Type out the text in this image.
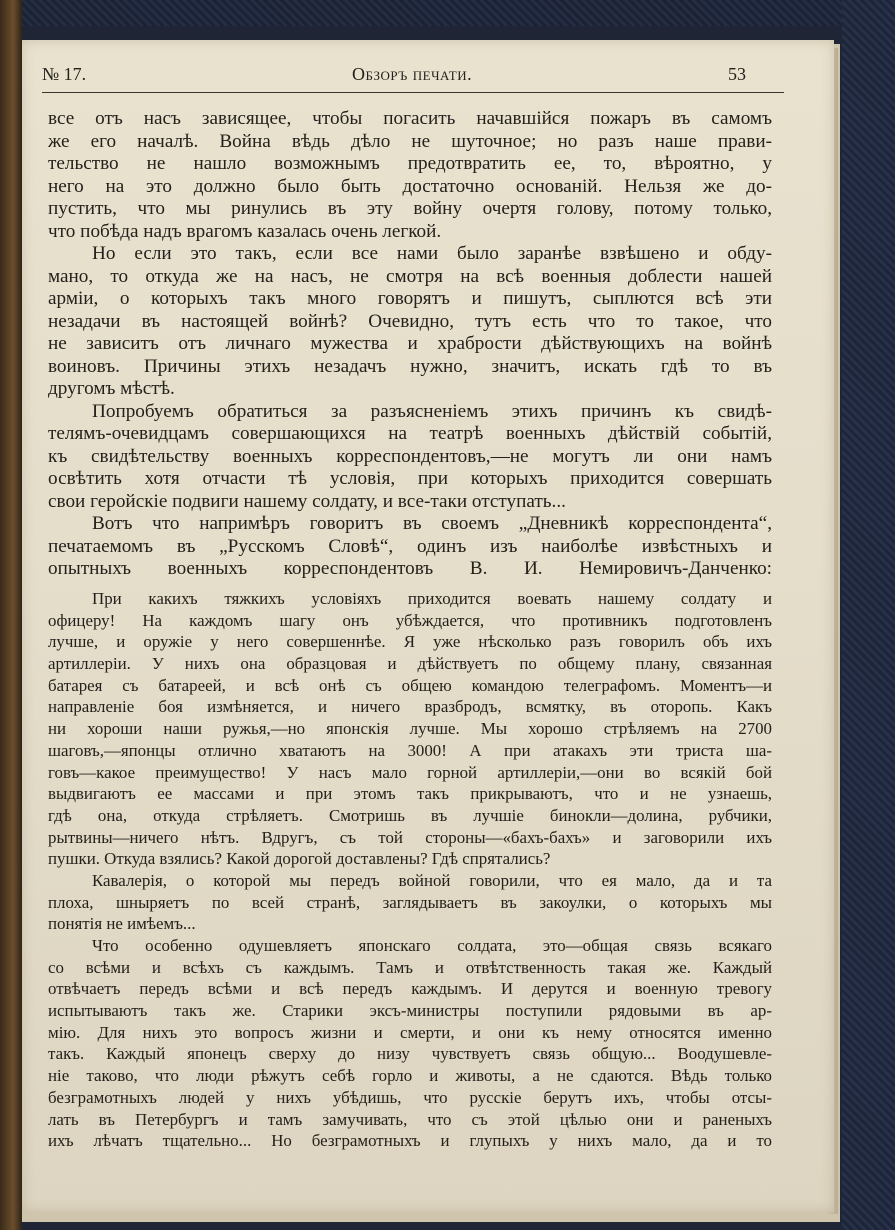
№ 17.	Обзоръ печати.	53
все отъ насъ зависящее, чтобы погасить начавшійся пожаръ въ самомъ
же его началѣ. Война вѣдь дѣло не шуточное; но разъ наше прави-
тельство не нашло возможнымъ предотвратить ее, то, вѣроятно, у
него на это должно было быть достаточно основаній. Нельзя же до-
пустить, что мы ринулись въ эту войну очертя голову, потому только,
что побѣда надъ врагомъ казалась очень легкой.
Но если это такъ, если все нами было заранѣе взвѣшено и обду-
мано, то откуда же на насъ, не смотря на всѣ военныя доблести нашей
арміи, о которыхъ такъ много говорятъ и пишутъ, сыплются всѣ эти
незадачи въ настоящей войнѣ? Очевидно, тутъ есть что то такое, что
не зависитъ отъ личнаго мужества и храбрости дѣйствующихъ на войнѣ
воиновъ. Причины этихъ незадачъ нужно, значитъ, искать гдѣ то въ
другомъ мѣстѣ.
Попробуемъ обратиться за разъясненіемъ этихъ причинъ къ свидѣ-
телямъ-очевидцамъ совершающихся на театрѣ военныхъ дѣйствій событій,
къ свидѣтельству военныхъ корреспондентовъ,—не могутъ ли они намъ
освѣтить хотя отчасти тѣ условія, при которыхъ приходится совершать
свои геройскіе подвиги нашему солдату, и все-таки отступать...
Вотъ что напримѣръ говоритъ въ своемъ „Дневникѣ корреспондента“,
печатаемомъ въ „Русскомъ Словѣ“, одинъ изъ наиболѣе извѣстныхъ и
опытныхъ военныхъ корреспондентовъ В. И. Немировичъ-Данченко:
При какихъ тяжкихъ условіяхъ приходится воевать нашему солдату и
офицеру! На каждомъ шагу онъ убѣждается, что противникъ подготовленъ
лучше, и оружіе у него совершеннѣе. Я уже нѣсколько разъ говорилъ объ ихъ
артиллеріи. У нихъ она образцовая и дѣйствуетъ по общему плану, связанная
батарея съ батареей, и всѣ онѣ съ общею командою телеграфомъ. Моментъ—и
направленіе боя измѣняется, и ничего вразбродъ, всмятку, въ оторопь. Какъ
ни хороши наши ружья,—но японскія лучше. Мы хорошо стрѣляемъ на 2700
шаговъ,—японцы отлично хватаютъ на 3000! А при атакахъ эти триста ша-
говъ—какое преимущество! У насъ мало горной артиллеріи,—они во всякій бой
выдвигаютъ ее массами и при этомъ такъ прикрываютъ, что и не узнаешь,
гдѣ она, откуда стрѣляетъ. Смотришь въ лучшіе бинокли—долина, рубчики,
рытвины—ничего нѣтъ. Вдругъ, съ той стороны—«бахъ-бахъ» и заговорили ихъ
пушки. Откуда взялись? Какой дорогой доставлены? Гдѣ спрятались?
Кавалерія, о которой мы передъ войной говорили, что ея мало, да и та
плоха, шныряетъ по всей странѣ, заглядываетъ въ закоулки, о которыхъ мы
понятія не имѣемъ...
Что особенно одушевляетъ японскаго солдата, это—общая связь всякаго
со всѣми и всѣхъ съ каждымъ. Тамъ и отвѣтственность такая же. Каждый
отвѣчаетъ передъ всѣми и всѣ передъ каждымъ. И дерутся и военную тревогу
испытываютъ такъ же. Старики эксъ-министры поступили рядовыми въ ар-
мію. Для нихъ это вопросъ жизни и смерти, и они къ нему относятся именно
такъ. Каждый японецъ сверху до низу чувствуетъ связь общую... Воодушевле-
ніе таково, что люди рѣжутъ себѣ горло и животы, а не сдаются. Вѣдь только
безграмотныхъ людей у нихъ убѣдишь, что русскіе берутъ ихъ, чтобы отсы-
лать въ Петербургъ и тамъ замучивать, что съ этой цѣлью они и раненыхъ
ихъ лѣчатъ тщательно... Но безграмотныхъ и глупыхъ у нихъ мало, да и то
